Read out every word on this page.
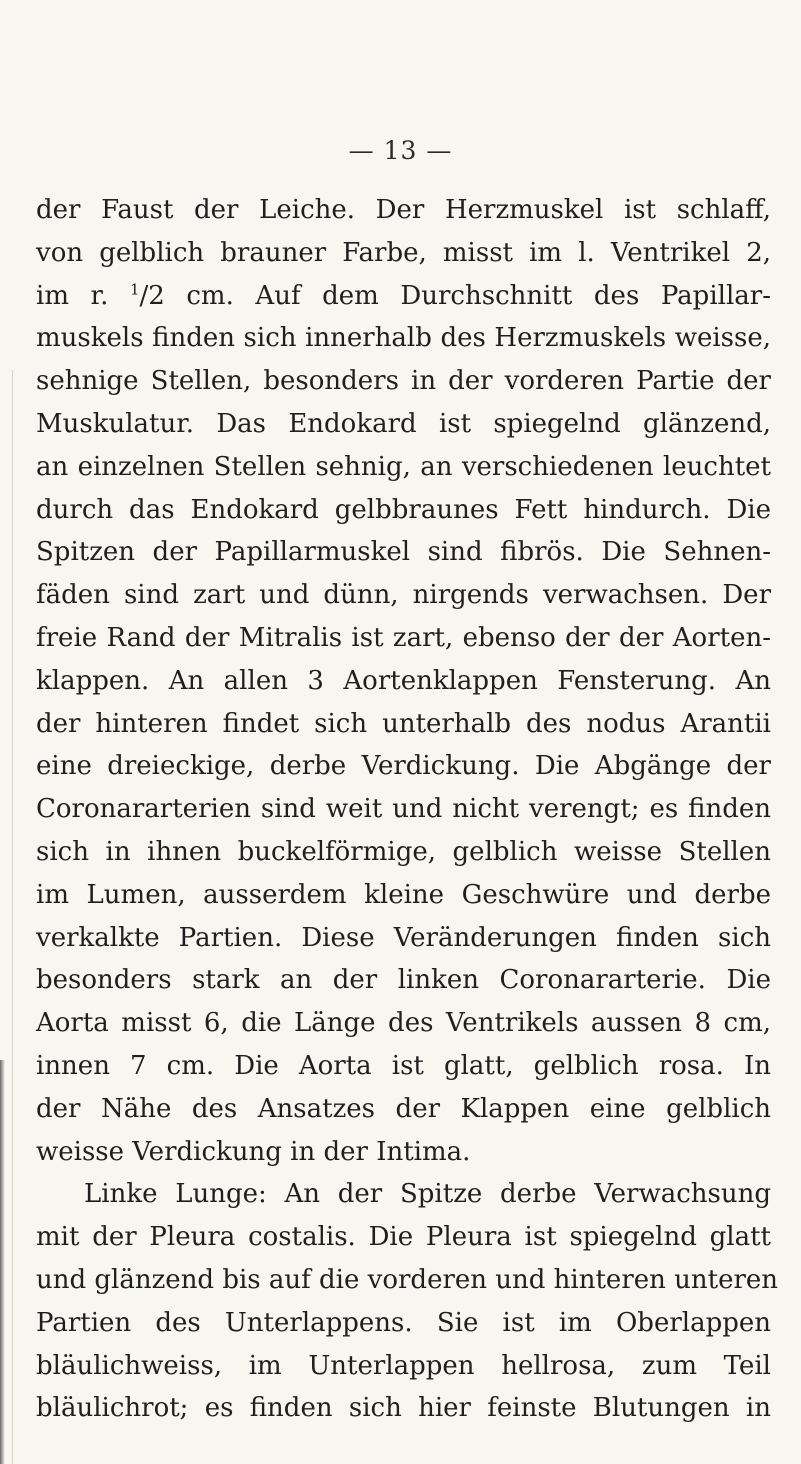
— 13 —
der Faust der Leiche. Der Herzmuskel ist schlaff,
von gelblich brauner Farbe, misst im l. Ventrikel 2,
im r. $^1$/2 cm. Auf dem Durchschnitt des Papillar-
muskels finden sich innerhalb des Herzmuskels weisse,
sehnige Stellen, besonders in der vorderen Partie der
Muskulatur. Das Endokard ist spiegelnd glänzend,
an einzelnen Stellen sehnig, an verschiedenen leuchtet
durch das Endokard gelbbraunes Fett hindurch. Die
Spitzen der Papillarmuskel sind fibrös. Die Sehnen-
fäden sind zart und dünn, nirgends verwachsen. Der
freie Rand der Mitralis ist zart, ebenso der der Aorten-
klappen. An allen 3 Aortenklappen Fensterung. An
der hinteren findet sich unterhalb des nodus Arantii
eine dreieckige, derbe Verdickung. Die Abgänge der
Coronararterien sind weit und nicht verengt; es finden
sich in ihnen buckelförmige, gelblich weisse Stellen
im Lumen, ausserdem kleine Geschwüre und derbe
verkalkte Partien. Diese Veränderungen finden sich
besonders stark an der linken Coronararterie. Die
Aorta misst 6, die Länge des Ventrikels aussen 8 cm,
innen 7 cm. Die Aorta ist glatt, gelblich rosa. In
der Nähe des Ansatzes der Klappen eine gelblich
weisse Verdickung in der Intima.
Linke Lunge: An der Spitze derbe Verwachsung
mit der Pleura costalis. Die Pleura ist spiegelnd glatt
und glänzend bis auf die vorderen und hinteren unteren
Partien des Unterlappens. Sie ist im Oberlappen
bläulichweiss, im Unterlappen hellrosa, zum Teil
bläulichrot; es finden sich hier feinste Blutungen in
